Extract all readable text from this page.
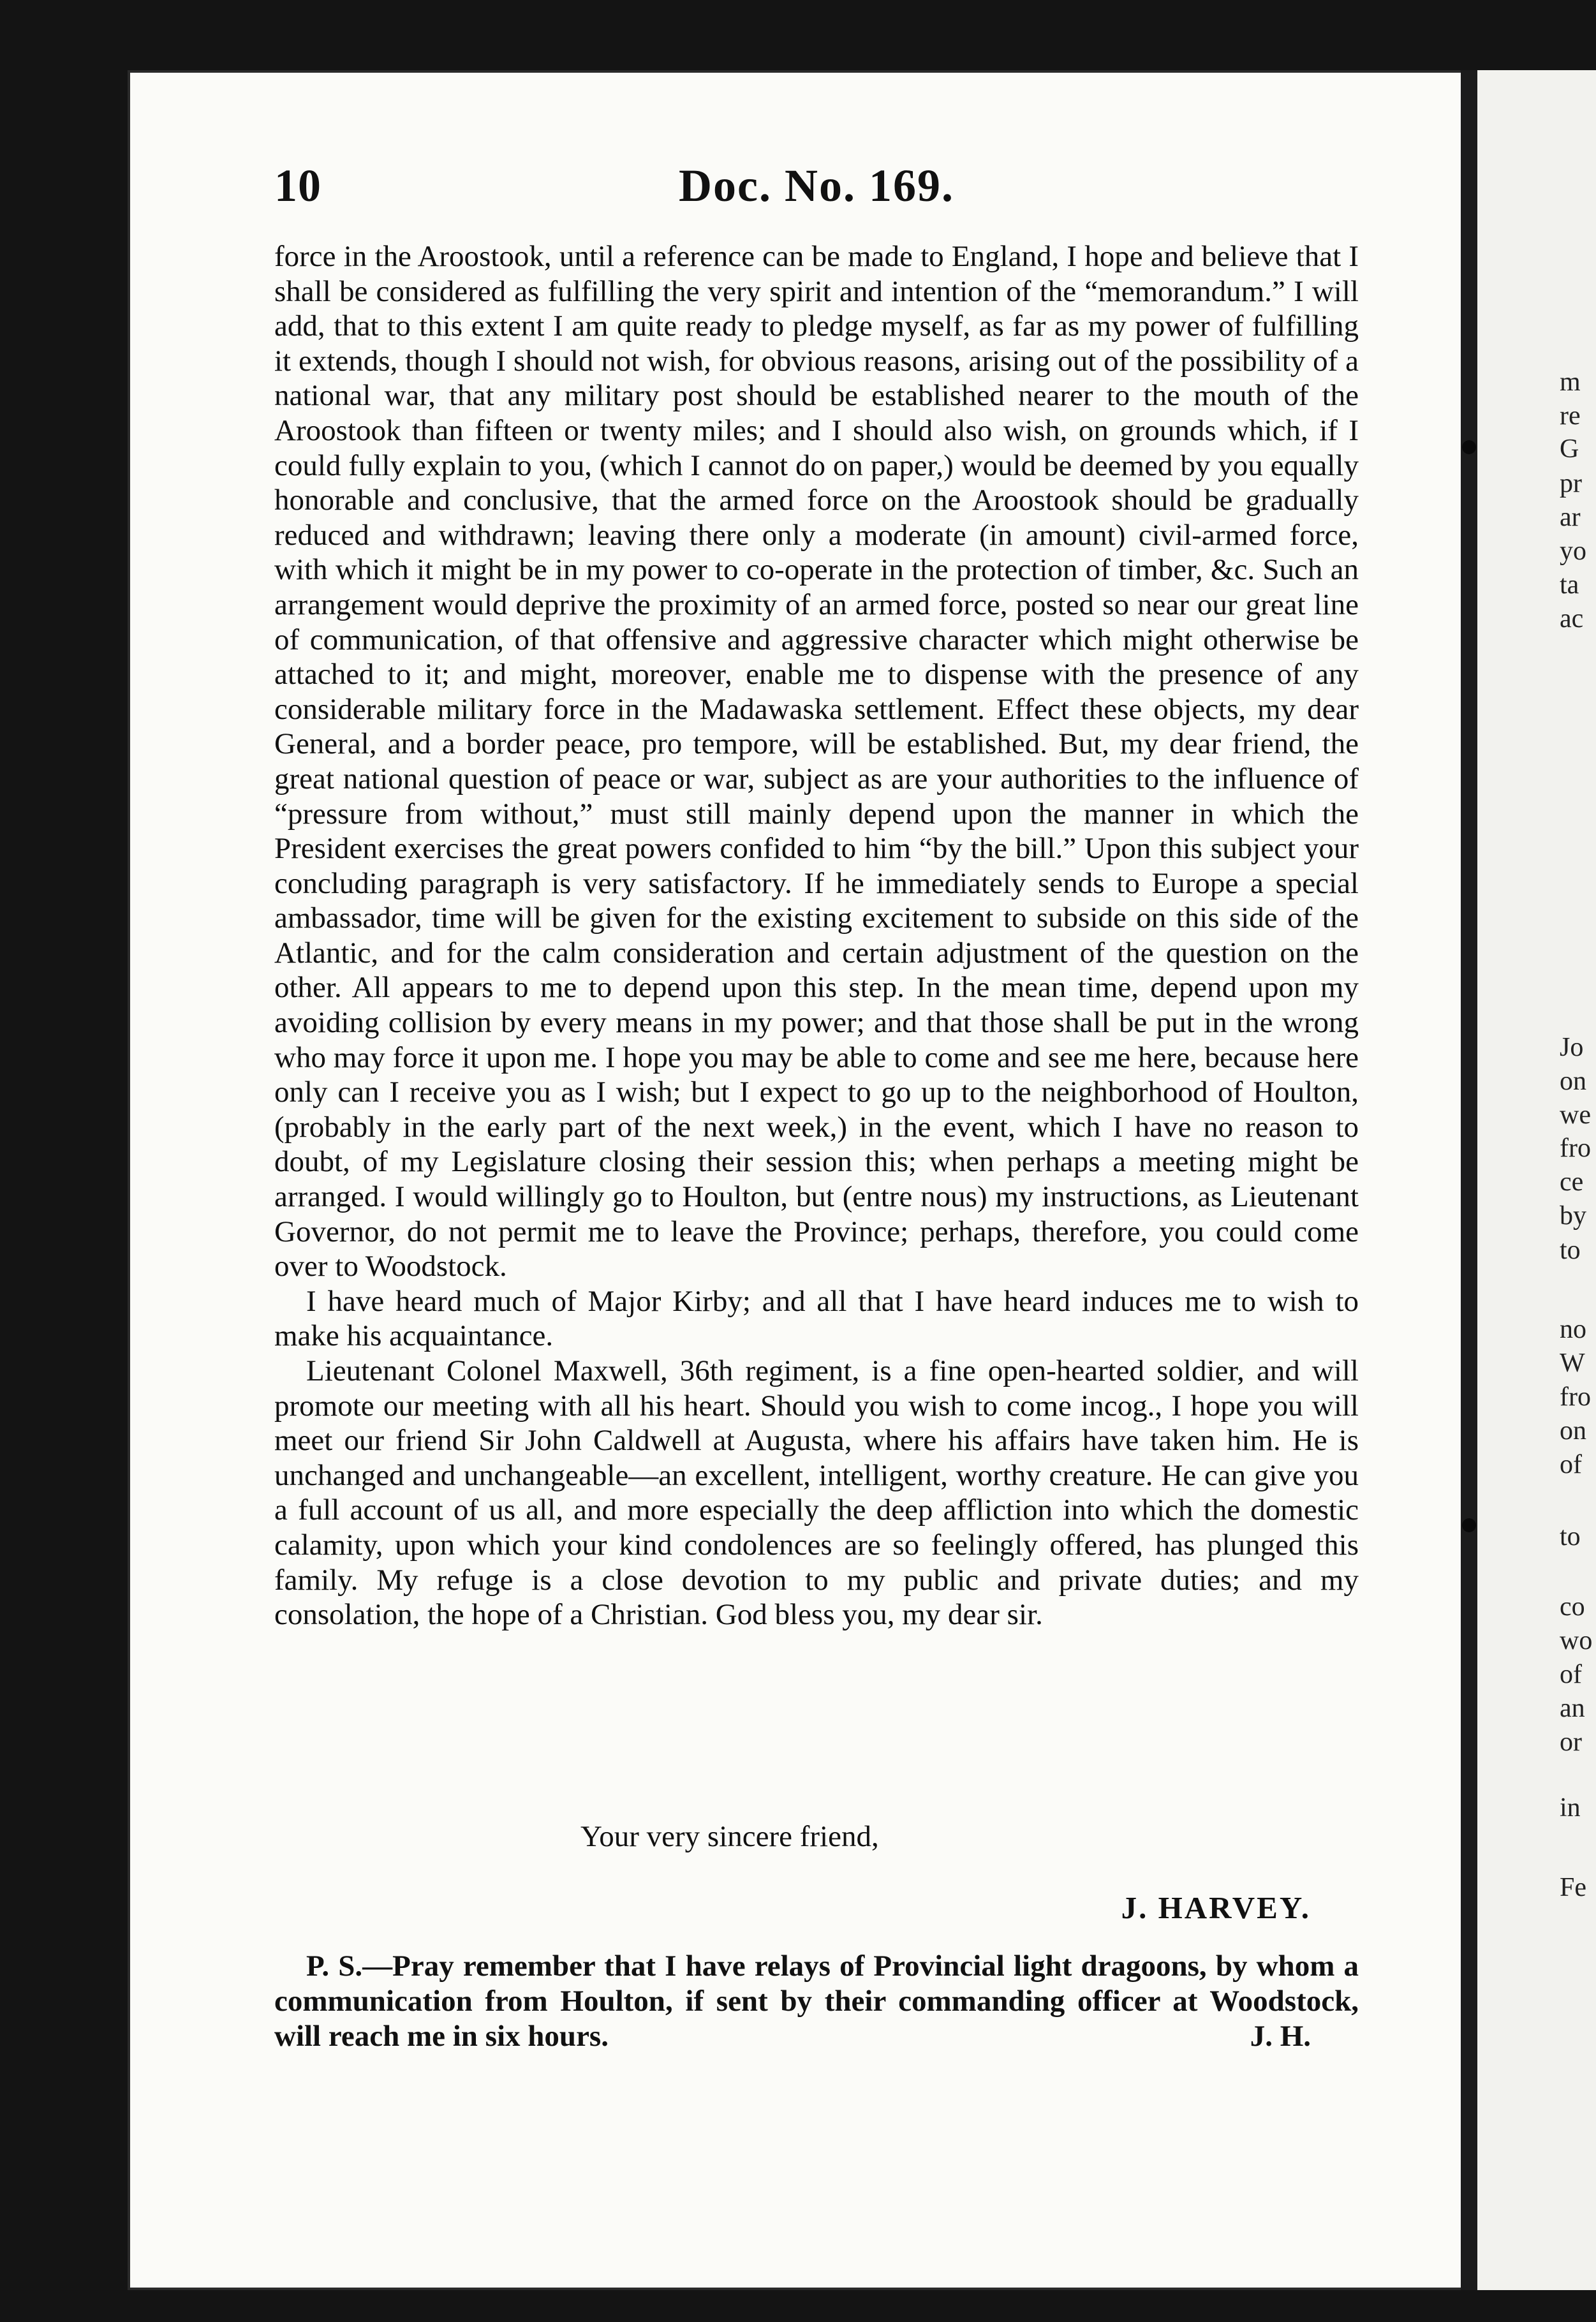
Doc. No. 169.
10

force in the Aroostook, until a reference can be made to England, I hope and believe that I shall be considered as fulfilling the very spirit and intention of the “memorandum.” I will add, that to this extent I am quite ready to pledge myself, as far as my power of fulfilling it extends, though I should not wish, for obvious reasons, arising out of the possibility of a national war, that any military post should be established nearer to the mouth of the Aroostook than fifteen or twenty miles; and I should also wish, on grounds which, if I could fully explain to you, (which I cannot do on paper,) would be deemed by you equally honorable and conclusive, that the armed force on the Aroostook should be gradually reduced and withdrawn; leaving there only a moderate (in amount) civil-armed force, with which it might be in my power to co-operate in the protection of timber, &c. Such an arrangement would deprive the proximity of an armed force, posted so near our great line of communication, of that offensive and aggressive character which might otherwise be attached to it; and might, moreover, enable me to dispense with the presence of any considerable military force in the Madawaska settlement. Effect these objects, my dear General, and a border peace, pro tempore, will be established. But, my dear friend, the great national question of peace or war, subject as are your authorities to the influence of “pressure from without,” must still mainly depend upon the manner in which the President exercises the great powers confided to him “by the bill.” Upon this subject your concluding paragraph is very satisfactory. If he immediately sends to Europe a special ambassador, time will be given for the existing excitement to subside on this side of the Atlantic, and for the calm consideration and certain adjustment of the question on the other. All appears to me to depend upon this step. In the mean time, depend upon my avoiding collision by every means in my power; and that those shall be put in the wrong who may force it upon me. I hope you may be able to come and see me here, because here only can I receive you as I wish; but I expect to go up to the neighborhood of Houlton, (probably in the early part of the next week,) in the event, which I have no reason to doubt, of my Legislature closing their session this; when perhaps a meeting might be arranged. I would willingly go to Houlton, but (entre nous) my instructions, as Lieutenant Governor, do not permit me to leave the Province; perhaps, therefore, you could come over to Woodstock.

I have heard much of Major Kirby; and all that I have heard induces me to wish to make his acquaintance.

Lieutenant Colonel Maxwell, 36th regiment, is a fine open-hearted soldier, and will promote our meeting with all his heart. Should you wish to come incog., I hope you will meet our friend Sir John Caldwell at Augusta, where his affairs have taken him. He is unchanged and unchangeable—an excellent, intelligent, worthy creature. He can give you a full account of us all, and more especially the deep affliction into which the domestic calamity, upon which your kind condolences are so feelingly offered, has plunged this family. My refuge is a close devotion to my public and private duties; and my consolation, the hope of a Christian. God bless you, my dear sir.

Your very sincere friend,
J. HARVEY.

P. S.—Pray remember that I have relays of Provincial light dragoons, by whom a communication from Houlton, if sent by their commanding officer at Woodstock, will reach me in six hours.	J. H.
m
re
G
pr
ar
yo
ta
ac
Jo
on
we
fro
ce
by
to
no
W
fro
on
of
to
co
wo
of
an
or
in
Fe
